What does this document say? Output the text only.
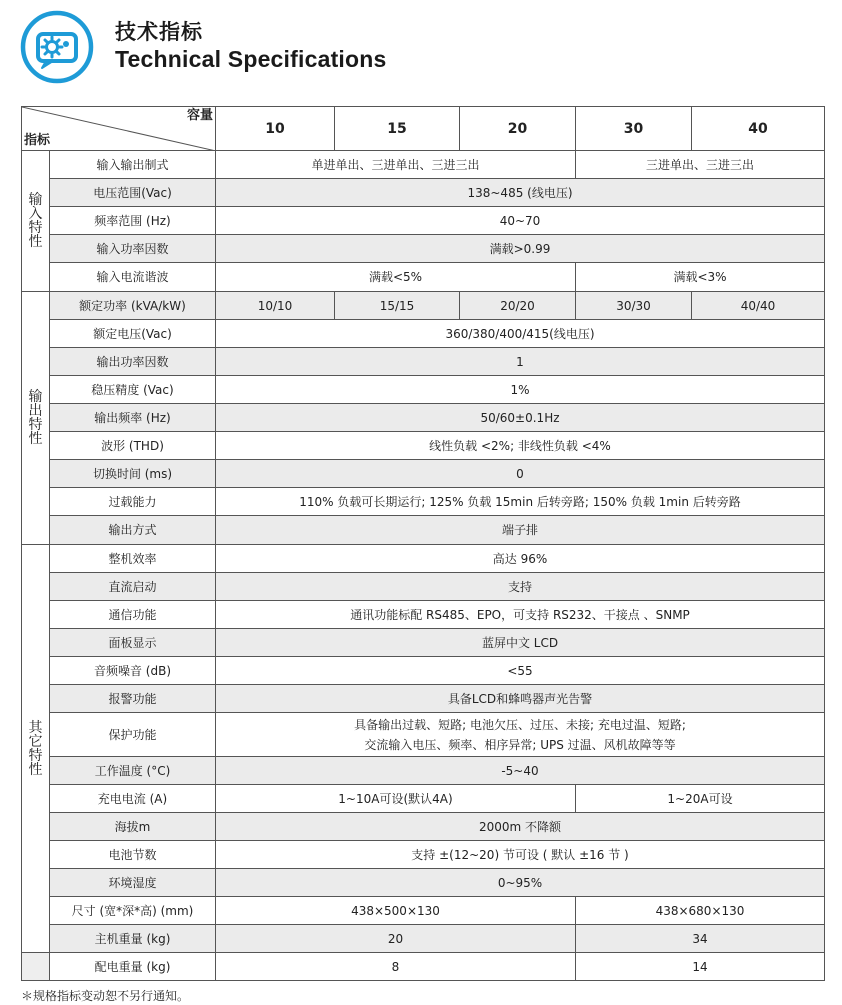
技术指标
Technical Specifications
容量
指标		10	15	20	30	40

输入特性	输入输出制式	单进单出、三进单出、三进三出			三进单出、三进三出	
	电压范围(Vac)	138~485 (线电压)				
	频率范围 (Hz)	40~70				
	输入功率因数	满载>0.99				
	输入电流谐波	满载<5%			满载<3%	

输出特性	额定功率 (kVA/kW)	10/10	15/15	20/20	30/30	40/40
	额定电压(Vac)	360/380/400/415(线电压)				
	输出功率因数	1				
	稳压精度 (Vac)	1%				
	输出频率 (Hz)	50/60±0.1Hz				
	波形 (THD)	线性负载 <2%; 非线性负载 <4%				
	切换时间 (ms)	0				
	过载能力	110% 负载可长期运行; 125% 负载 15min 后转旁路; 150% 负载 1min 后转旁路				
	输出方式	端子排				

其它特性	整机效率	高达 96%				
	直流启动	支持				
	通信功能	通讯功能标配 RS485、EPO，可支持 RS232、干接点 、SNMP				
	面板显示	蓝屏中文 LCD				
	音频噪音 (dB)	<55				
	报警功能	具备LCD和蜂鸣器声光告警				
	保护功能	具备输出过载、短路; 电池欠压、过压、未接; 充电过温、短路;
交流输入电压、频率、相序异常; UPS 过温、风机故障等等				

	工作温度 (°C)	-5~40				
	充电电流 (A)	1~10A可设(默认4A)			1~20A可设	
	海拔m	2000m 不降额				
	电池节数	支持 ±(12~20) 节可设 ( 默认 ±16 节 )				
	环境湿度	0~95%				
	尺寸 (宽*深*高) (mm)	438×500×130			438×680×130	
	主机重量 (kg)	20			34	
	配电重量 (kg)	8			14	
＊规格指标变动恕不另行通知。
